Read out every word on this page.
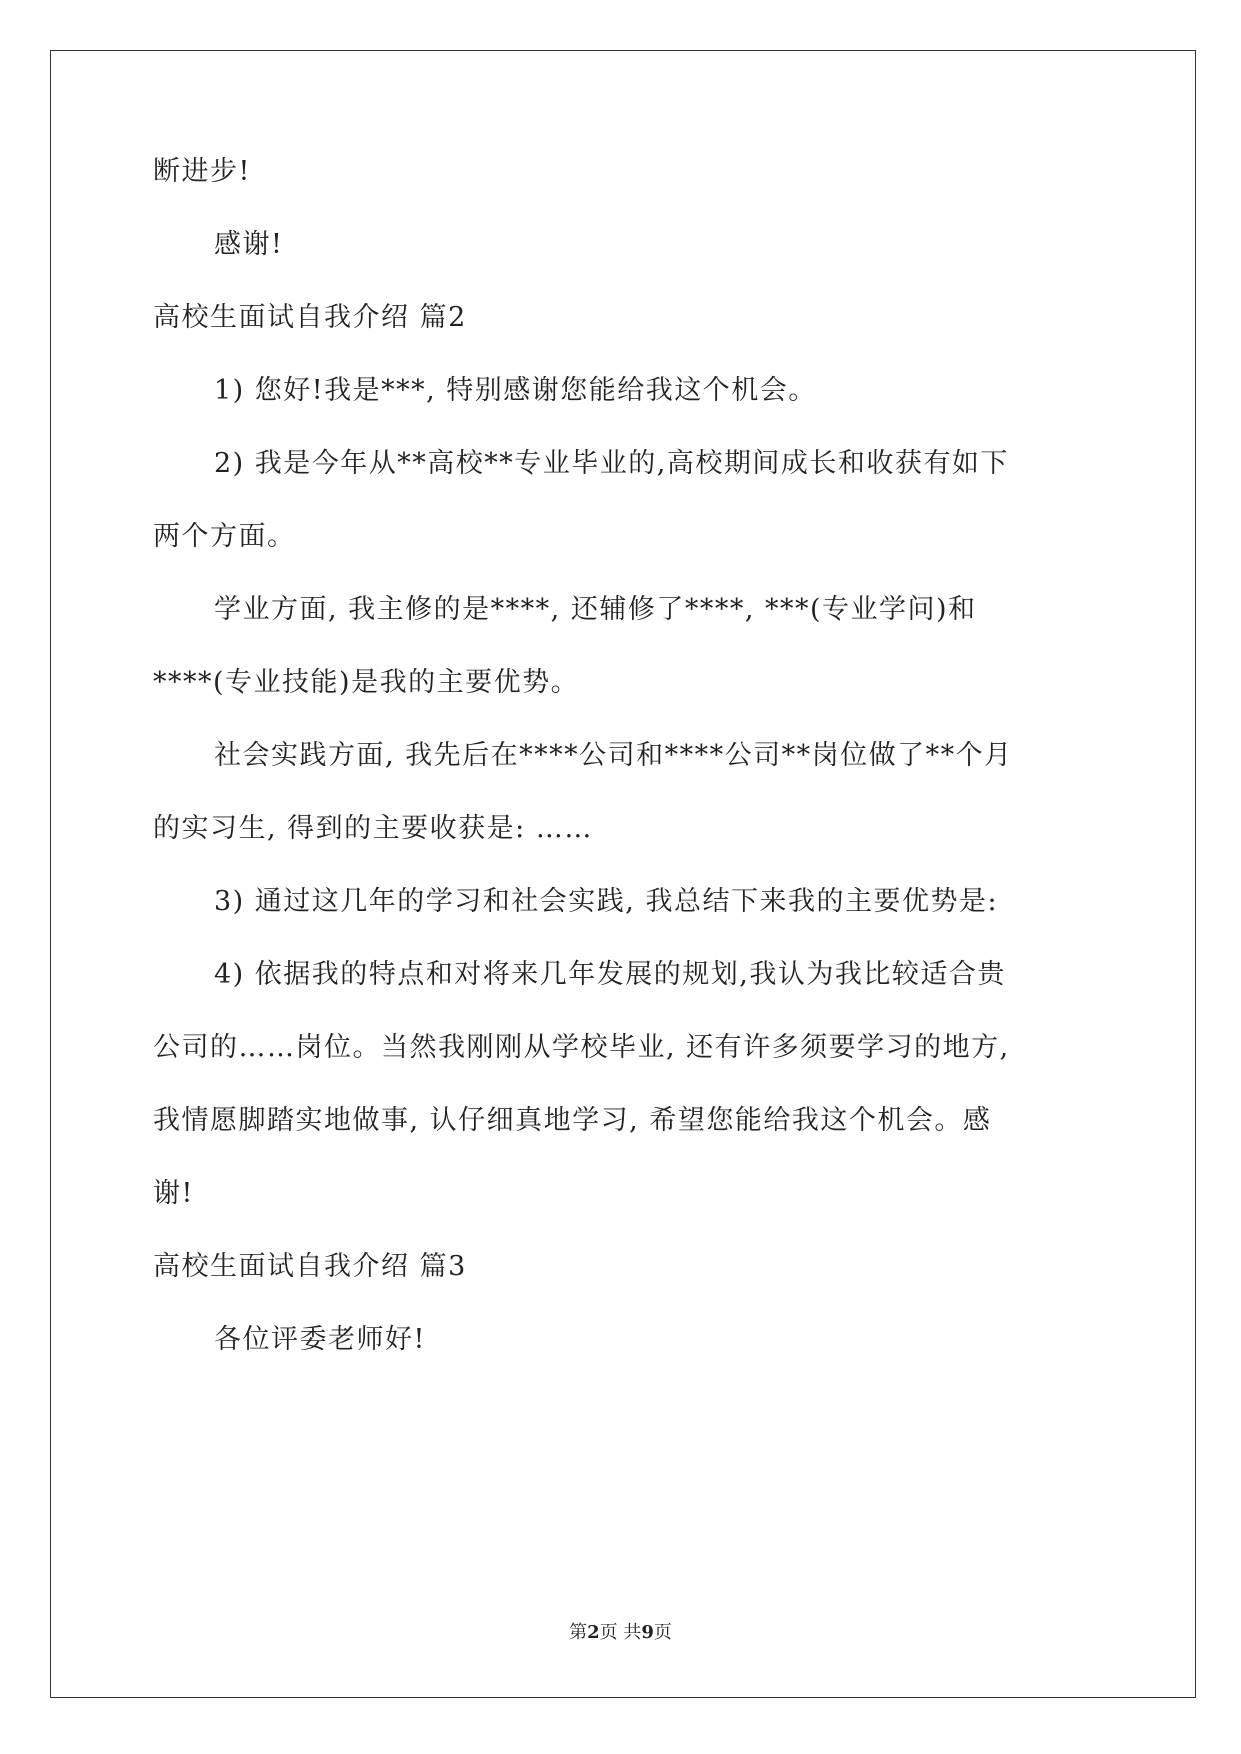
断进步!
感谢!
高校生面试自我介绍 篇2
1) 您好!我是***, 特别感谢您能给我这个机会。
2) 我是今年从**高校**专业毕业的,高校期间成长和收获有如下
两个方面。
学业方面, 我主修的是****, 还辅修了****, ***(专业学问)和
****(专业技能)是我的主要优势。
社会实践方面, 我先后在****公司和****公司**岗位做了**个月
的实习生, 得到的主要收获是: ……
3) 通过这几年的学习和社会实践, 我总结下来我的主要优势是:
4) 依据我的特点和对将来几年发展的规划,我认为我比较适合贵
公司的……岗位。当然我刚刚从学校毕业, 还有许多须要学习的地方,
我情愿脚踏实地做事, 认仔细真地学习, 希望您能给我这个机会。感
谢!
高校生面试自我介绍 篇3
各位评委老师好!
第2页 共9页
